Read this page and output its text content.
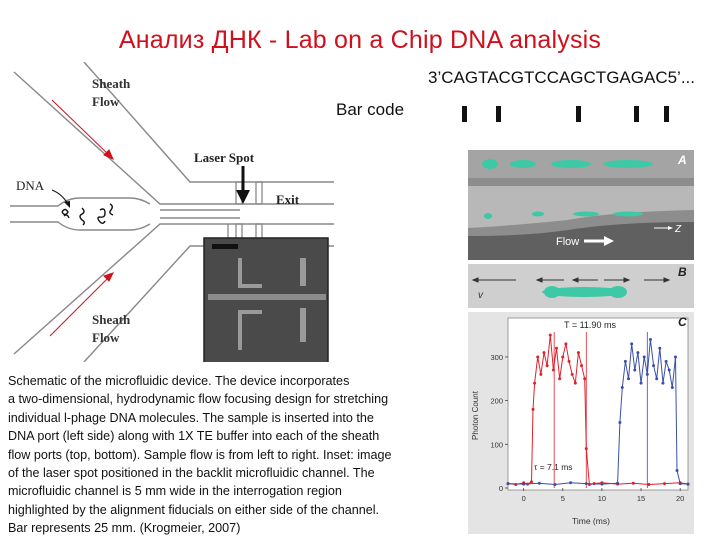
Анализ ДНК - Lab on a Chip DNA analysis
3’CAGTACGTCCAGCTGAGAC5’...
Bar code
Sheath
Flow
DNA
Laser Spot
Exit
Sheath
Flow
Schematic of the microfluidic device. The device incorporates
a two-dimensional, hydrodynamic flow focusing design for stretching
individual l-phage DNA molecules. The sample is inserted into the
DNA port (left side) along with 1X TE buffer into each of the sheath
flow ports (top, bottom). Sample flow is from left to right. Inset: image
of the laser spot positioned in the backlit microfluidic channel. The
microfluidic channel is 5 mm wide in the interrogation region
highlighted by the alignment fiducials on either side of the channel.
Bar represents 25 mm. (Krogmeier, 2007)
A
Flow
Z
v
B
0
100
200
300
0	5	10	15	20
C
T = 11.90 ms
τ = 7.1 ms
Photon Count
Time (ms)
